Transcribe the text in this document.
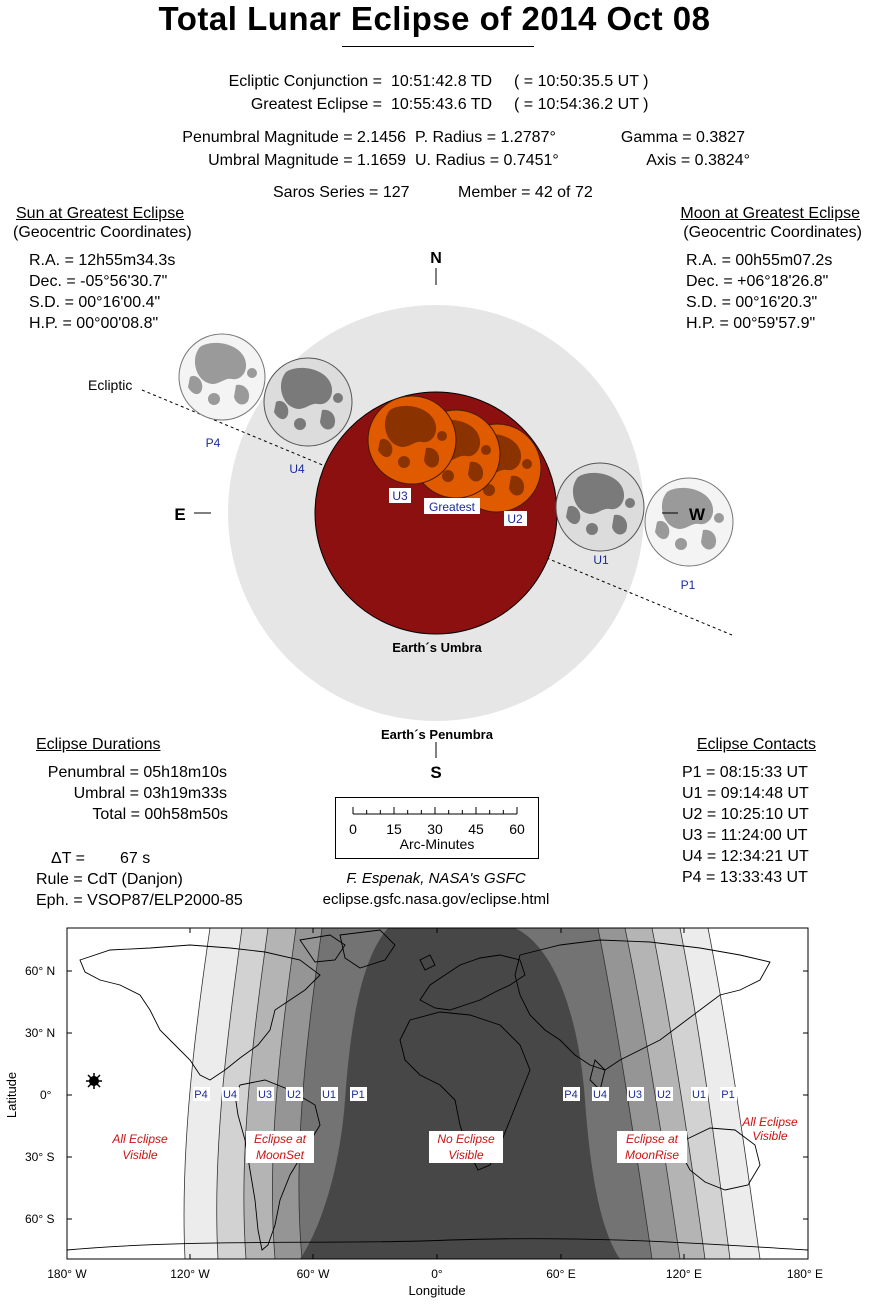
Total Lunar Eclipse of 2014 Oct 08
Ecliptic Conjunction = 10:51:42.8 TD ( = 10:50:35.5 UT )
Greatest Eclipse = 10:55:43.6 TD ( = 10:54:36.2 UT )
Penumbral Magnitude = 2.1456
Umbral Magnitude = 1.1659
P. Radius = 1.2787°
U. Radius = 0.7451°
Gamma = 0.3827
Axis = 0.3824°
Saros Series = 127	Member = 42 of 72
Sun at Greatest Eclipse
(Geocentric Coordinates)
R.A. = 12h55m34.3s
Dec. = -05°56'30.7"
S.D. = 00°16'00.4"
H.P. = 00°00'08.8"
Moon at Greatest Eclipse
(Geocentric Coordinates)
R.A. = 00h55m07.2s
Dec. = +06°18'26.8"
S.D. = 00°16'20.3"
H.P. = 00°59'57.9"
N
S
E	W
Ecliptic
Earth´s Umbra
Earth´s Penumbra
P4
U4
U3
Greatest
U2
U1
P1
Eclipse Durations
Penumbral = 05h18m10s
Umbral = 03h19m33s
Total = 00h58m50s
ΔT = 67 s
Rule = CdT (Danjon)
Eph. = VSOP87/ELP2000-85
0 15 30 45 60
Arc-Minutes
F. Espenak, NASA's GSFC
eclipse.gsfc.nasa.gov/eclipse.html
Eclipse Contacts
P1 = 08:15:33 UT
U1 = 09:14:48 UT
U2 = 10:25:10 UT
U3 = 11:24:00 UT
U4 = 12:34:21 UT
P4 = 13:33:43 UT
60° N
30° N
0°
30° S
60° S
180° W	120° W	60° W	0°	60° E	120° E	180° E
Longitude
Latitude	P4 U4 U3 U2 U1 P1	P4 U4 U3 U2 U1 P1
All Eclipse
Visible
Eclipse at
MoonSet
No Eclipse
Visible
Eclipse at
MoonRise
All Eclipse
Visible
